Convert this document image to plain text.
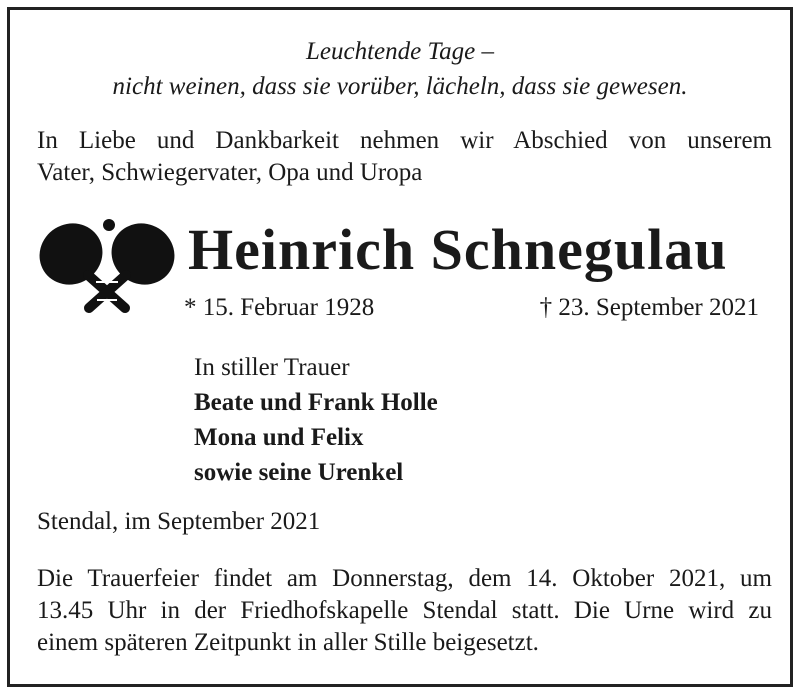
Leuchtende Tage –
nicht weinen, dass sie vorüber, lächeln, dass sie gewesen.
In Liebe und Dankbarkeit nehmen wir Abschied von unserem
Vater, Schwiegervater, Opa und Uropa
Heinrich Schnegulau
* 15. Februar 1928	† 23. September 2021
In stiller Trauer
Beate und Frank Holle
Mona und Felix
sowie seine Urenkel
Stendal, im September 2021
Die Trauerfeier findet am Donnerstag, dem 14. Oktober 2021, um
13.45 Uhr in der Friedhofskapelle Stendal statt. Die Urne wird zu
einem späteren Zeitpunkt in aller Stille beigesetzt.
